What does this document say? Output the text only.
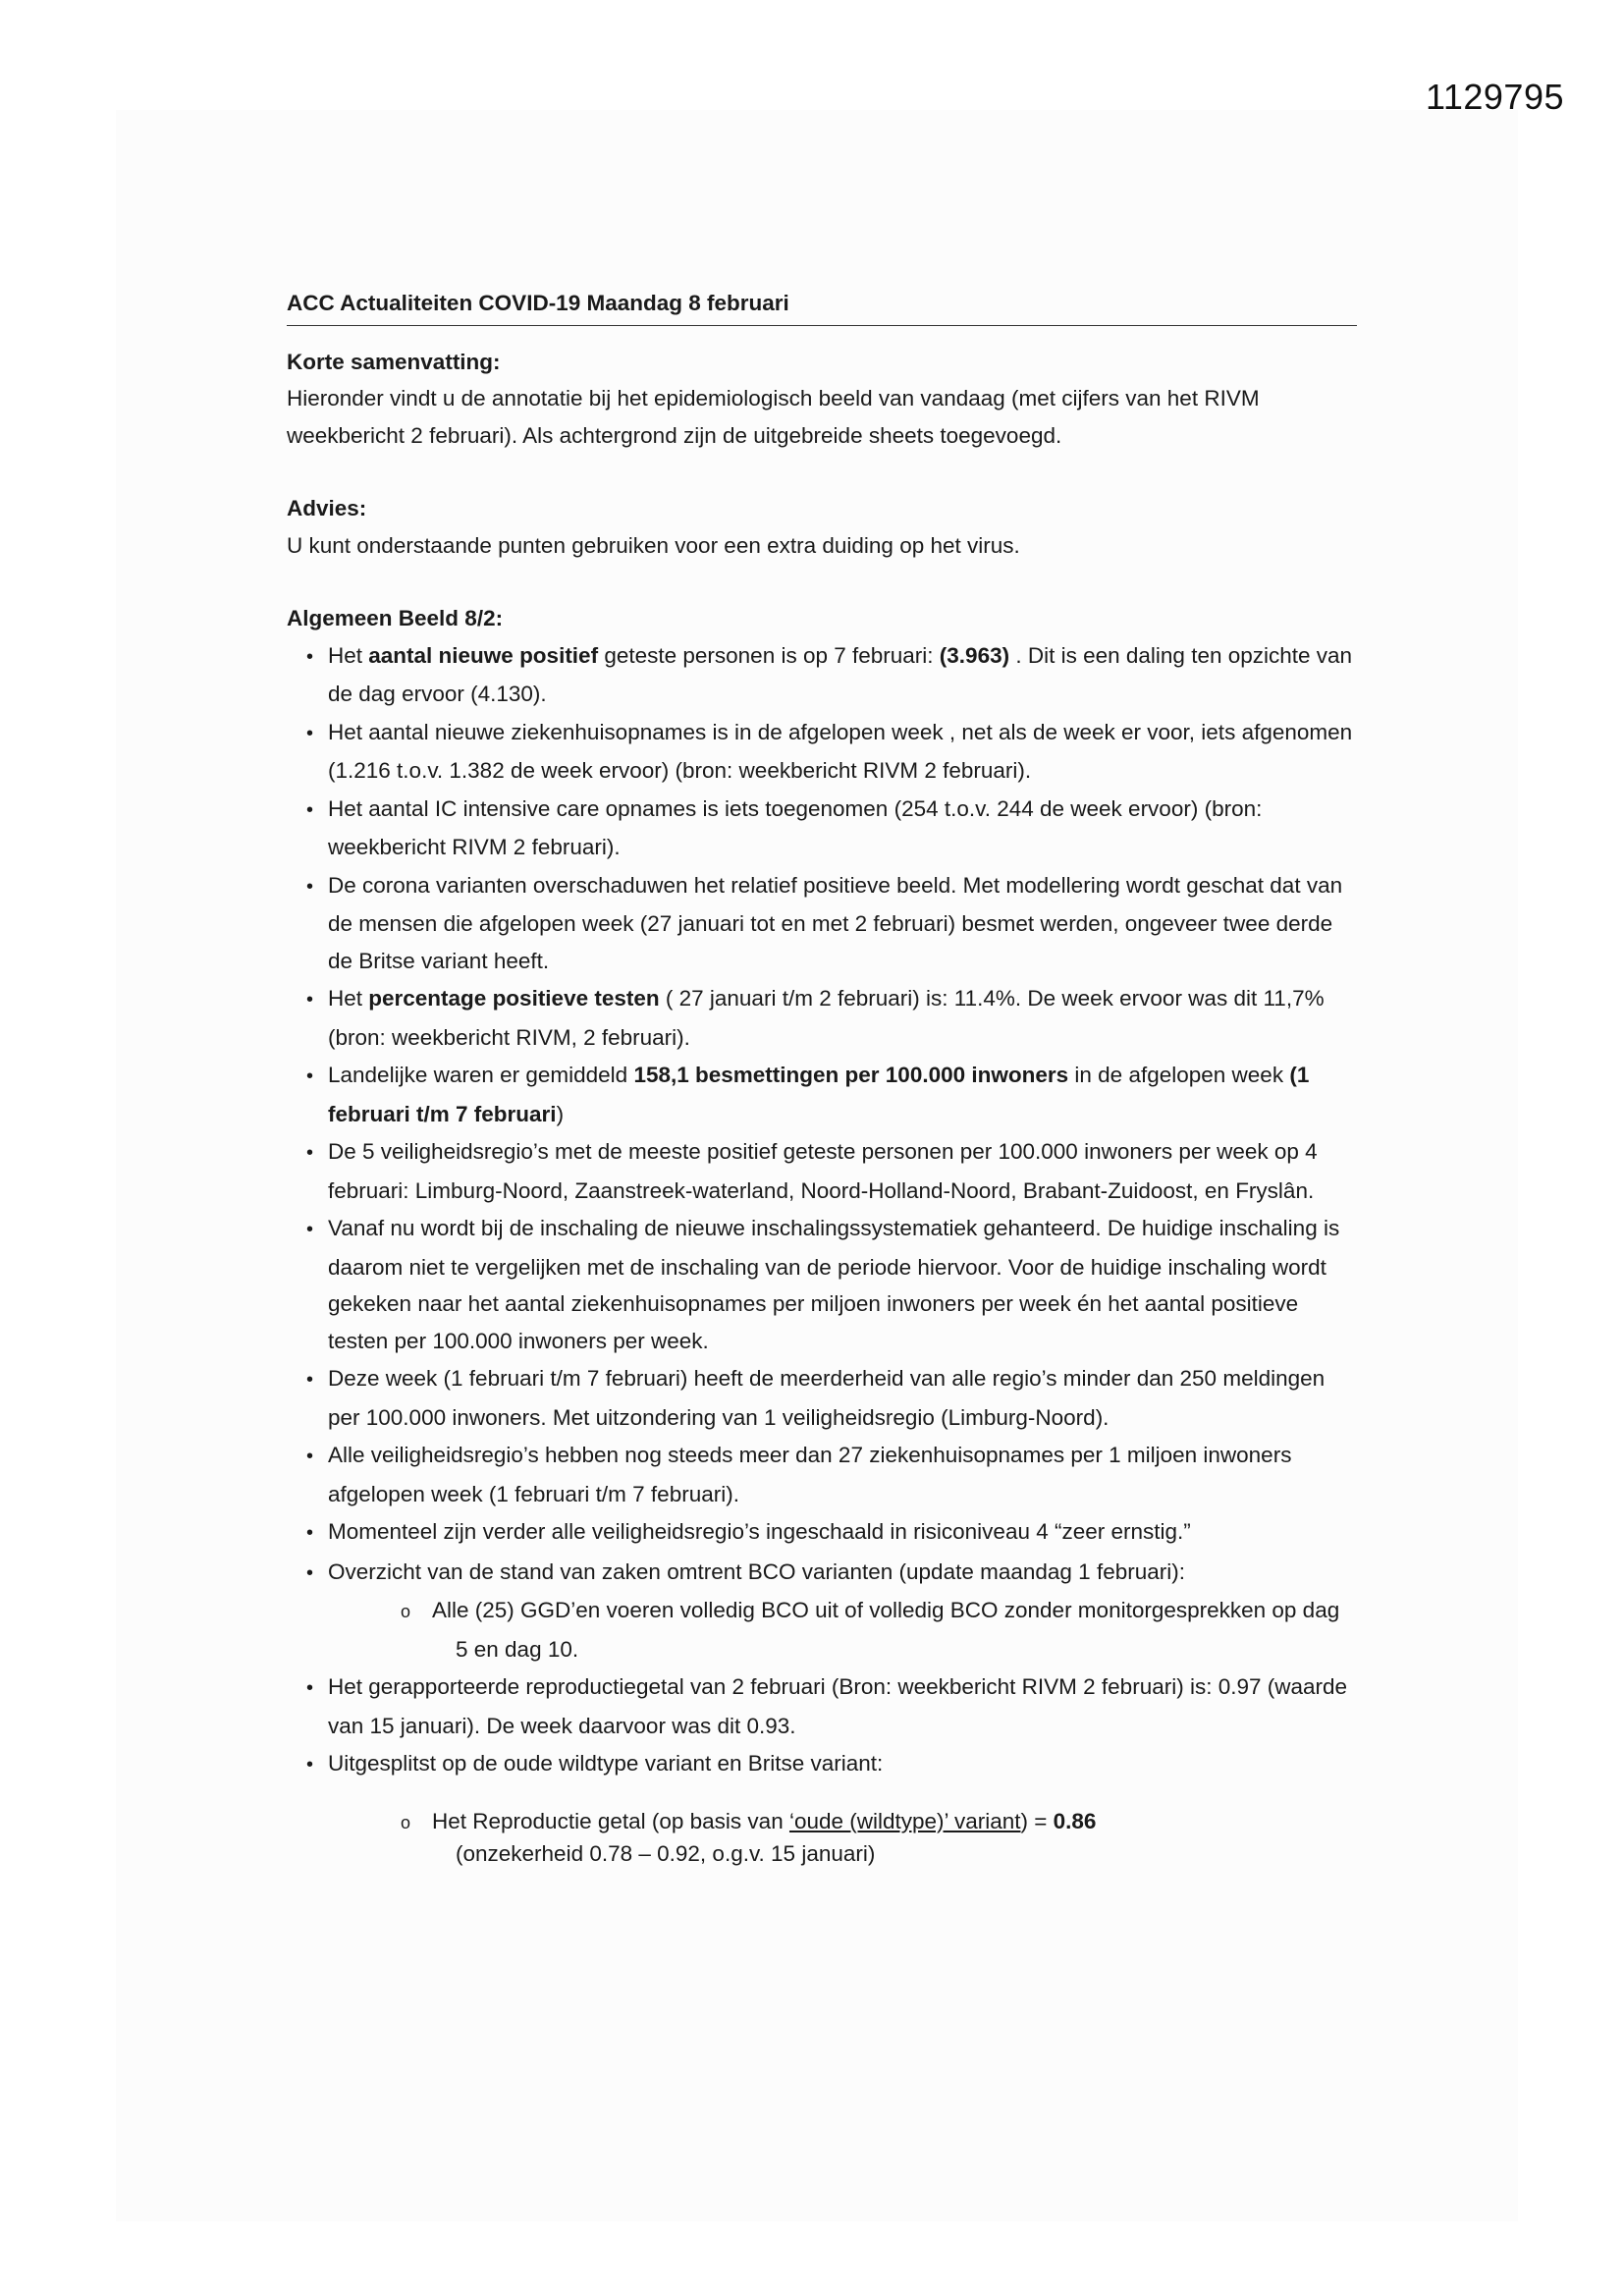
1129795
ACC Actualiteiten COVID-19 Maandag 8 februari
Korte samenvatting:
Hieronder vindt u de annotatie bij het epidemiologisch beeld van vandaag (met cijfers van het RIVM
weekbericht 2 februari). Als achtergrond zijn de uitgebreide sheets toegevoegd.
Advies:
U kunt onderstaande punten gebruiken voor een extra duiding op het virus.
Algemeen Beeld 8/2:
• Het aantal nieuwe positief geteste personen is op 7 februari: (3.963) . Dit is een daling ten opzichte van de dag ervoor (4.130).
• Het aantal nieuwe ziekenhuisopnames is in de afgelopen week , net als de week er voor, iets afgenomen (1.216 t.o.v. 1.382 de week ervoor) (bron: weekbericht RIVM 2 februari).
• Het aantal IC intensive care opnames is iets toegenomen (254 t.o.v. 244 de week ervoor) (bron: weekbericht RIVM 2 februari).
• De corona varianten overschaduwen het relatief positieve beeld. Met modellering wordt geschat dat van de mensen die afgelopen week (27 januari tot en met 2 februari) besmet werden, ongeveer twee derde de Britse variant heeft.
• Het percentage positieve testen ( 27 januari t/m 2 februari) is: 11.4%. De week ervoor was dit 11,7% (bron: weekbericht RIVM, 2 februari).
• Landelijke waren er gemiddeld 158,1 besmettingen per 100.000 inwoners in de afgelopen week (1 februari t/m 7 februari)
• De 5 veiligheidsregio’s met de meeste positief geteste personen per 100.000 inwoners per week op 4 februari: Limburg-Noord, Zaanstreek-waterland, Noord-Holland-Noord, Brabant-Zuidoost, en Fryslân.
• Vanaf nu wordt bij de inschaling de nieuwe inschalingssystematiek gehanteerd. De huidige inschaling is daarom niet te vergelijken met de inschaling van de periode hiervoor. Voor de huidige inschaling wordt gekeken naar het aantal ziekenhuisopnames per miljoen inwoners per week én het aantal positieve testen per 100.000 inwoners per week.
• Deze week (1 februari t/m 7 februari) heeft de meerderheid van alle regio’s minder dan 250 meldingen per 100.000 inwoners. Met uitzondering van 1 veiligheidsregio (Limburg-Noord).
• Alle veiligheidsregio’s hebben nog steeds meer dan 27 ziekenhuisopnames per 1 miljoen inwoners afgelopen week (1 februari t/m 7 februari).
• Momenteel zijn verder alle veiligheidsregio’s ingeschaald in risiconiveau 4 “zeer ernstig.”
• Overzicht van de stand van zaken omtrent BCO varianten (update maandag 1 februari):
o Alle (25) GGD’en voeren volledig BCO uit of volledig BCO zonder monitorgesprekken op dag 5 en dag 10.
• Het gerapporteerde reproductiegetal van 2 februari (Bron: weekbericht RIVM 2 februari) is: 0.97 (waarde van 15 januari). De week daarvoor was dit 0.93.
• Uitgesplitst op de oude wildtype variant en Britse variant:
o Het Reproductie getal (op basis van ‘oude (wildtype)’ variant) = 0.86
(onzekerheid 0.78 – 0.92, o.g.v. 15 januari)
